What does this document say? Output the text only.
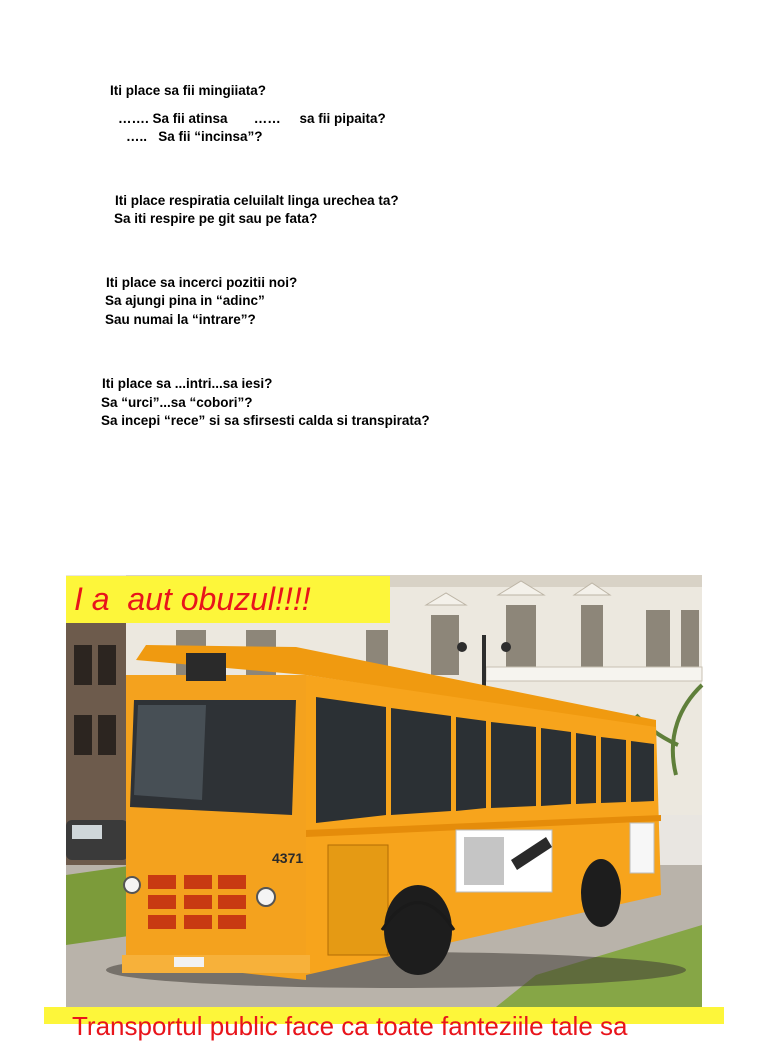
Iti place sa fii mingiiata?
……. Sa fii atinsa       ……     sa fii pipaita?
…..   Sa fii “incinsa”?
Iti place respiratia celuilalt linga urechea ta?
Sa iti respire pe git sau pe fata?
Iti place sa incerci pozitii noi?
Sa ajungi pina in “adinc”
Sau numai la “intrare”?
Iti place sa ...intri...sa iesi?
Sa “urci”...sa “cobori”?
Sa incepi “rece” si sa sfirsesti calda si transpirata?
4371
I a  aut obuzul!!!!
Transportul public face ca toate fanteziile tale sa
